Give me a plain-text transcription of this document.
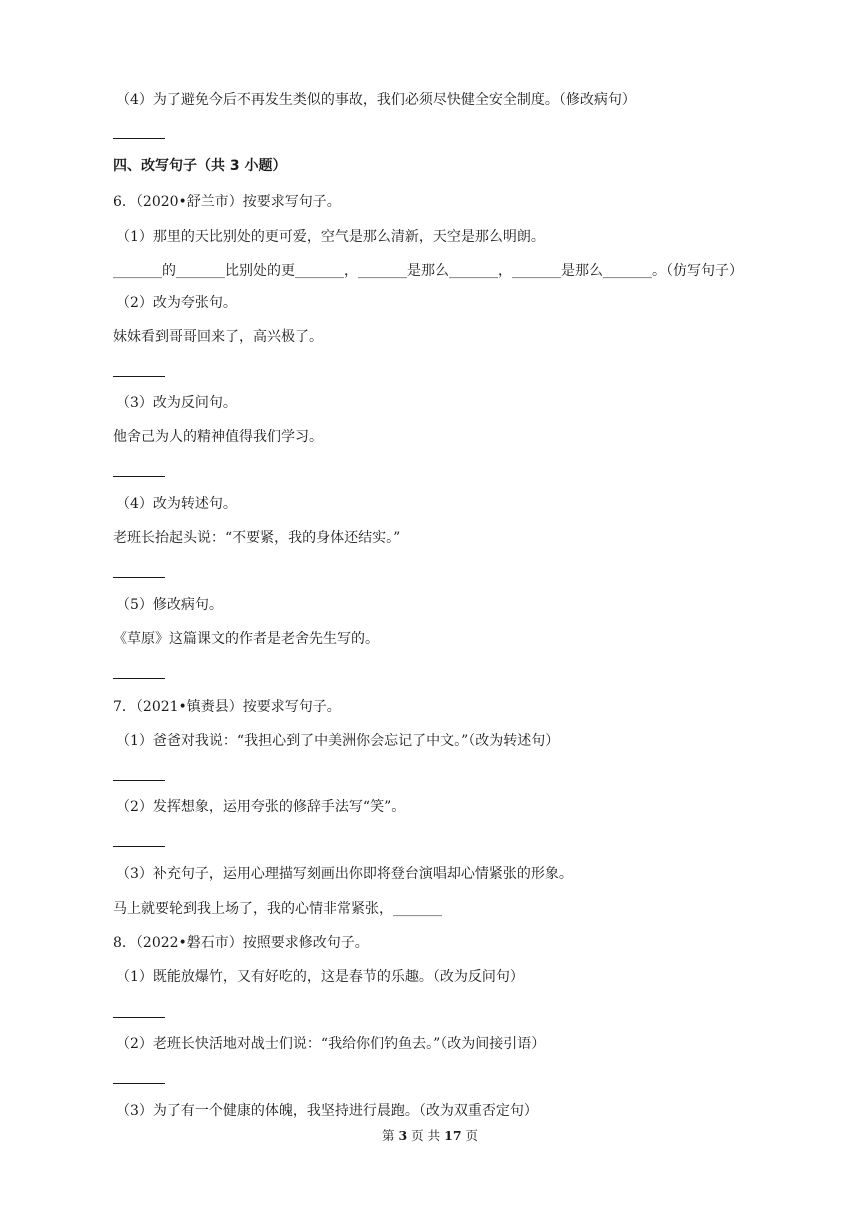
（4）为了避免今后不再发生类似的事故，我们必须尽快健全安全制度。（修改病句）
四、改写句子（共 3 小题）
6．（2020•舒兰市）按要求写句子。
（1）那里的天比别处的更可爱，空气是那么清新，天空是那么明朗。
_______的_______比别处的更_______，_______是那么_______，_______是那么_______。（仿写句子）
（2）改为夸张句。
妹妹看到哥哥回来了，高兴极了。
（3）改为反问句。
他舍己为人的精神值得我们学习。
（4）改为转述句。
老班长抬起头说：“不要紧，我的身体还结实。”
（5）修改病句。
《草原》这篇课文的作者是老舍先生写的。
7．（2021•镇赉县）按要求写句子。
（1）爸爸对我说：“我担心到了中美洲你会忘记了中文。”（改为转述句）
（2）发挥想象，运用夸张的修辞手法写“笑”。
（3）补充句子，运用心理描写刻画出你即将登台演唱却心情紧张的形象。
马上就要轮到我上场了，我的心情非常紧张，_______
8．（2022•磐石市）按照要求修改句子。
（1）既能放爆竹，又有好吃的，这是春节的乐趣。（改为反问句）
（2）老班长快活地对战士们说：“我给你们钓鱼去。”（改为间接引语）
（3）为了有一个健康的体魄，我坚持进行晨跑。（改为双重否定句）
第 3 页 共 17 页
